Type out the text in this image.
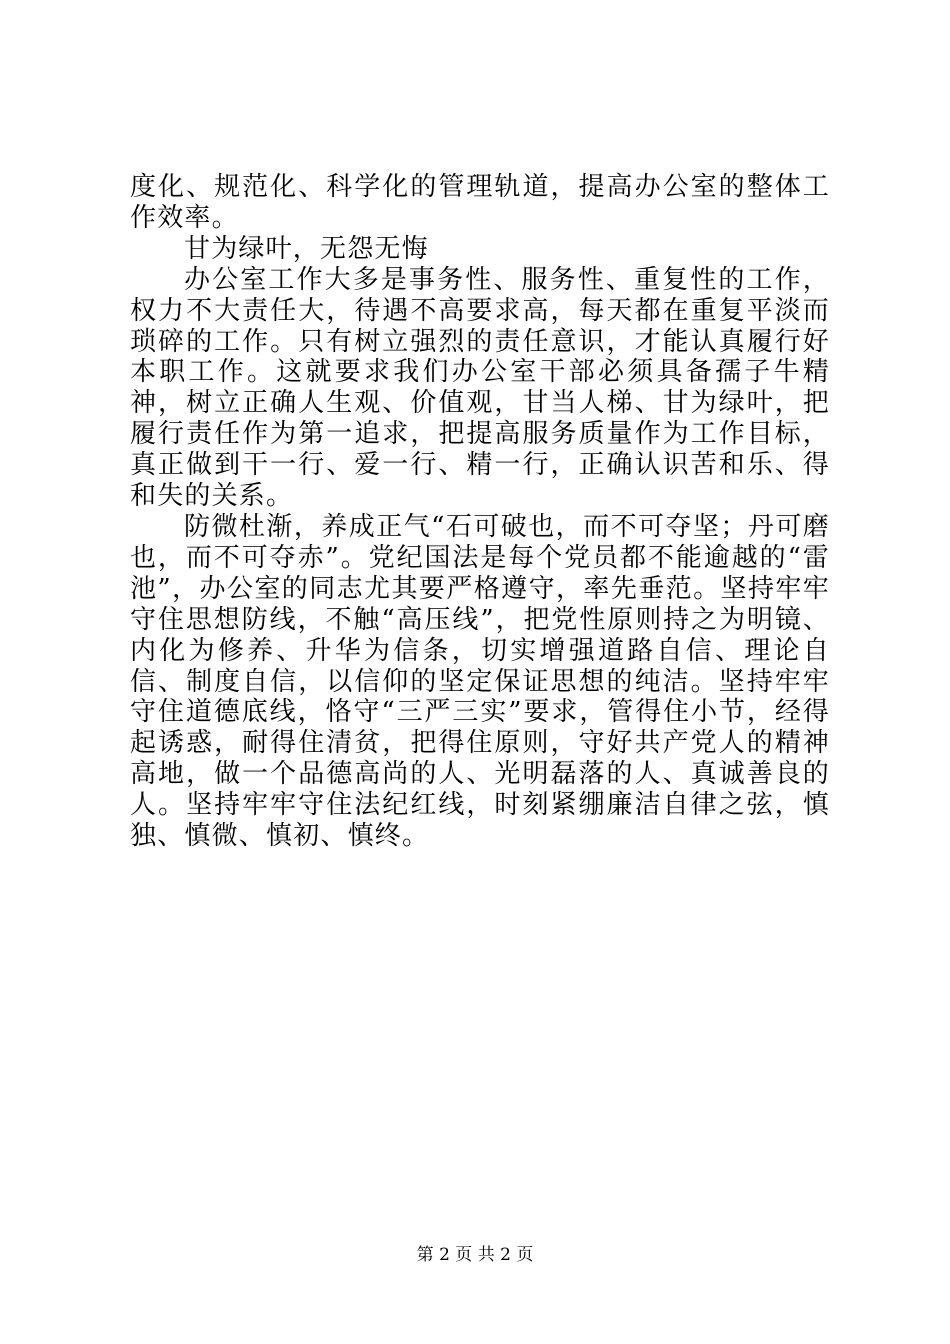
度化、规范化、科学化的管理轨道，提高办公室的整体工作效率。

甘为绿叶，无怨无悔

办公室工作大多是事务性、服务性、重复性的工作，权力不大责任大，待遇不高要求高，每天都在重复平淡而琐碎的工作。只有树立强烈的责任意识，才能认真履行好本职工作。这就要求我们办公室干部必须具备孺子牛精神，树立正确人生观、价值观，甘当人梯、甘为绿叶，把履行责任作为第一追求，把提高服务质量作为工作目标，真正做到干一行、爱一行、精一行，正确认识苦和乐、得和失的关系。

防微杜渐，养成正气“石可破也，而不可夺坚；丹可磨也，而不可夺赤”。党纪国法是每个党员都不能逾越的“雷池”，办公室的同志尤其要严格遵守，率先垂范。坚持牢牢守住思想防线，不触“高压线”，把党性原则持之为明镜、内化为修养、升华为信条，切实增强道路自信、理论自信、制度自信，以信仰的坚定保证思想的纯洁。坚持牢牢守住道德底线，恪守“三严三实”要求，管得住小节，经得起诱惑，耐得住清贫，把得住原则，守好共产党人的精神高地，做一个品德高尚的人、光明磊落的人、真诚善良的人。坚持牢牢守住法纪红线，时刻紧绷廉洁自律之弦，慎独、慎微、慎初、慎终。

第 2 页 共 2 页
